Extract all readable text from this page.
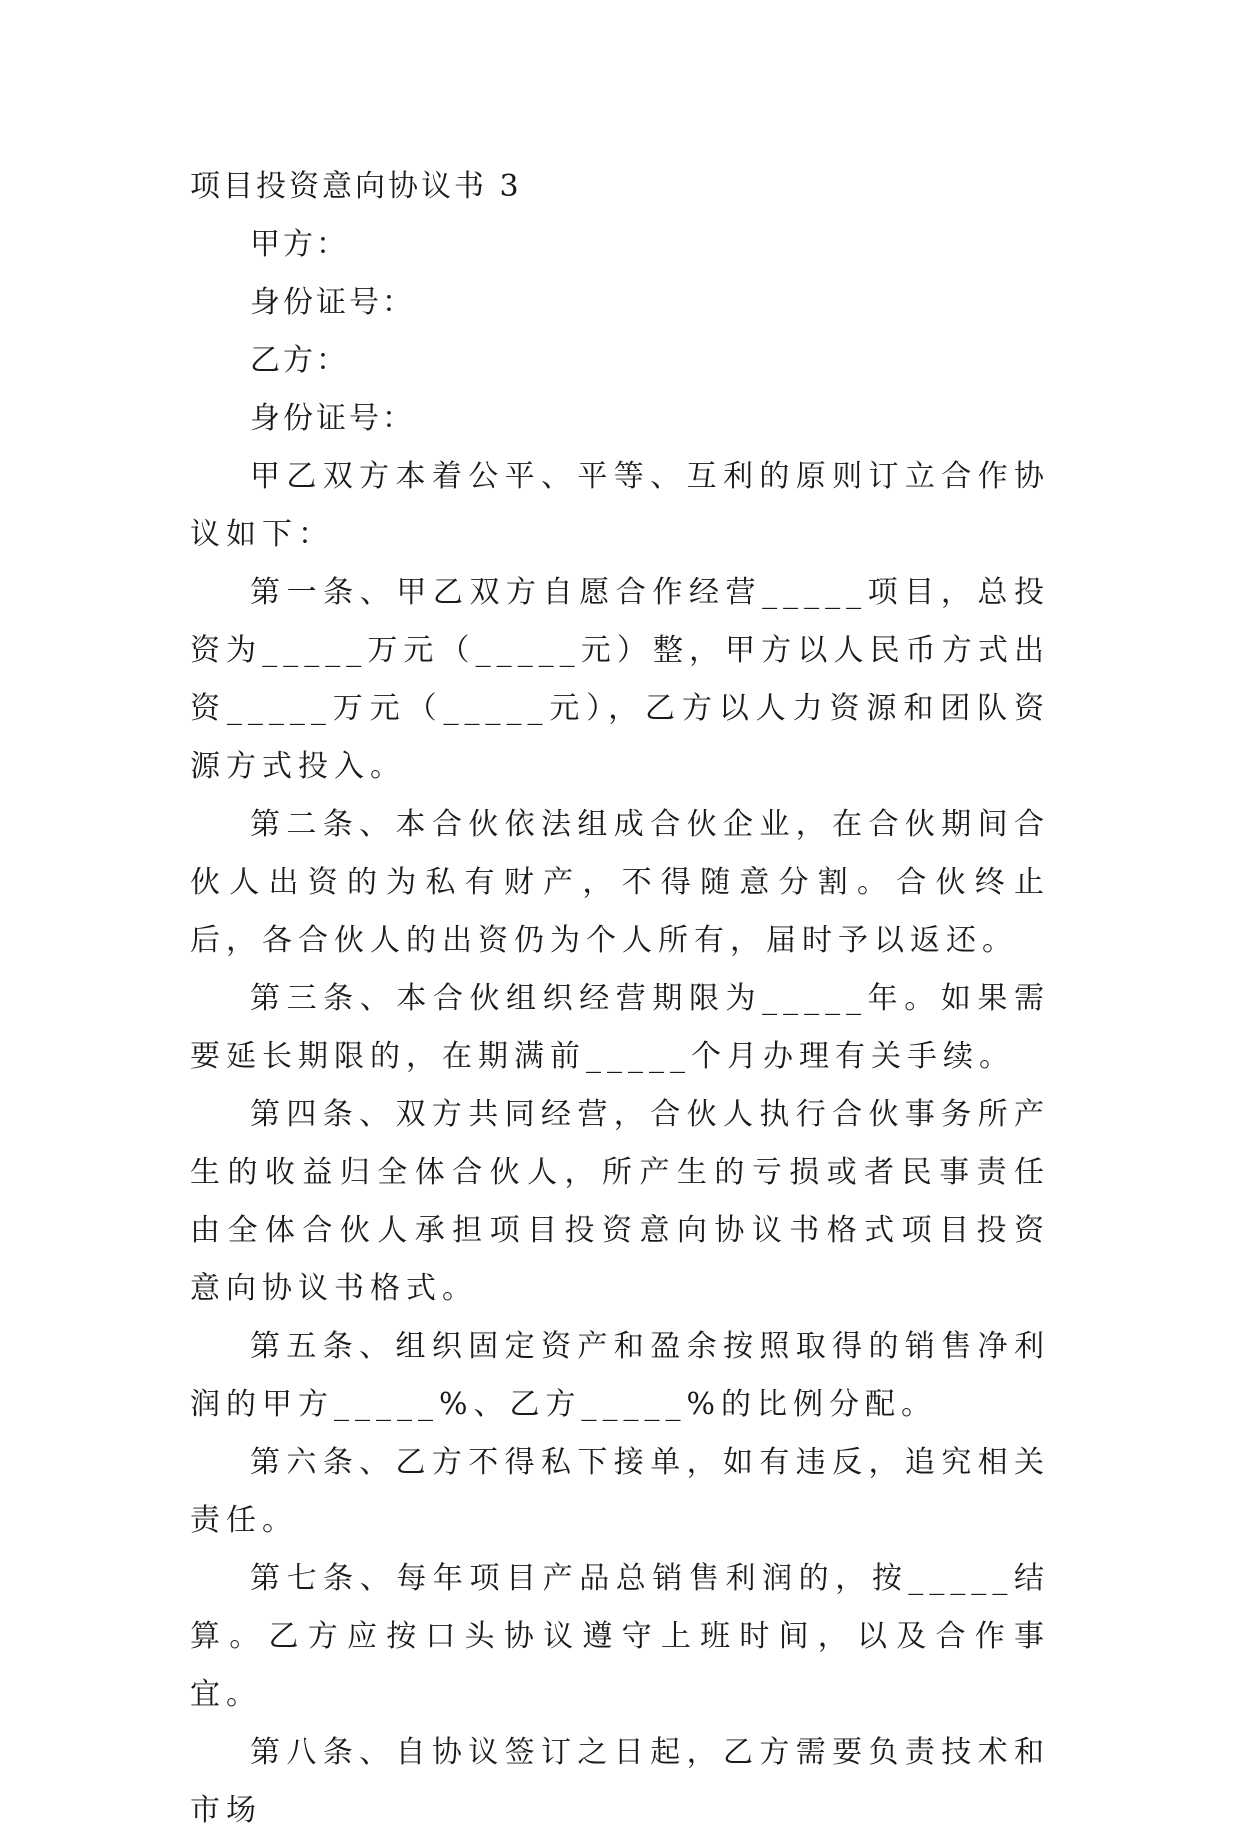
项目投资意向协议书 3

甲方：

身份证号：

乙方：

身份证号：

甲乙双方本着公平、平等、互利的原则订立合作协议如下：

第一条、甲乙双方自愿合作经营_____项目，总投资为_____万元（_____元）整，甲方以人民币方式出资_____万元（_____元），乙方以人力资源和团队资源方式投入。

第二条、本合伙依法组成合伙企业，在合伙期间合伙人出资的为私有财产，不得随意分割。合伙终止后，各合伙人的出资仍为个人所有，届时予以返还。

第三条、本合伙组织经营期限为_____年。如果需要延长期限的，在期满前_____个月办理有关手续。

第四条、双方共同经营，合伙人执行合伙事务所产生的收益归全体合伙人，所产生的亏损或者民事责任由全体合伙人承担项目投资意向协议书格式项目投资意向协议书格式。

第五条、组织固定资产和盈余按照取得的销售净利润的甲方_____%、乙方_____%的比例分配。

第六条、乙方不得私下接单，如有违反，追究相关责任。

第七条、每年项目产品总销售利润的，按_____结算。乙方应按口头协议遵守上班时间，以及合作事宜。

第八条、自协议签订之日起，乙方需要负责技术和市场
